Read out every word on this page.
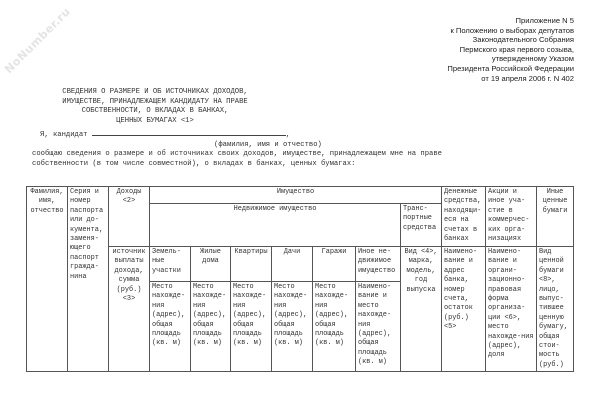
NoNumber.ru	Приложение N 5
к Положению о выборах депутатов
Законодательного Собрания
Пермского края первого созыва,
утвержденному Указом
Президента Российской Федерации
от 19 апреля 2006 г. N 402
СВЕДЕНИЯ О РАЗМЕРЕ И ОБ ИСТОЧНИКАХ ДОХОДОВ,
ИМУЩЕСТВЕ, ПРИНАДЛЕЖАЩЕМ КАНДИДАТУ НА ПРАВЕ
СОБСТВЕННОСТИ, О ВКЛАДАХ В БАНКАХ,
ЦЕННЫХ БУМАГАХ <1>
Я, кандидат	,
(фамилия, имя и отчество)
сообщаю сведения о размере и об источниках своих доходов, имуществе, принадлежащем мне на праве собственности (в том числе совместной), о вкладах в банках, ценных бумагах:
Фамилия, имя, отчество	Серия и номер паспорта или до-кумента, заменя-ющего паспорт гражда-нина	Доходы <2>	Имущество							Денежные средства, находящи-еся на счетах в банках	Акции и иное уча-стие в коммерчес-ких орга-низациях	Иные ценные бумаги
			Недвижимое имущество						Транс-портные средства			
		источник выплаты дохода, сумма (руб.) <3>	Земель-ные участки	Жилые дома	Квартиры	Дачи	Гаражи	Иное не-движимое имущество	Вид <4>, марка, модель, год выпуска	Наимено-вание и адрес банка, номер счета, остаток (руб.) <5>	Наимено-вание и органи-зационно-правовая форма организа-ции <6>, место нахожде-ния (адрес), доля	Вид ценной бумаги <8>, лицо, выпус-тившее ценную бумагу, общая стои-мость (руб.)
			Место нахожде-ния (адрес), общая площадь (кв. м)	Место нахожде-ния (адрес), общая площадь (кв. м)	Место нахожде-ния (адрес), общая площадь (кв. м)	Место нахожде-ния (адрес), общая площадь (кв. м)	Место нахожде-ния (адрес), общая площадь (кв. м)	Наимено-вание и место нахожде-ния (адрес), общая площадь (кв. м)				
